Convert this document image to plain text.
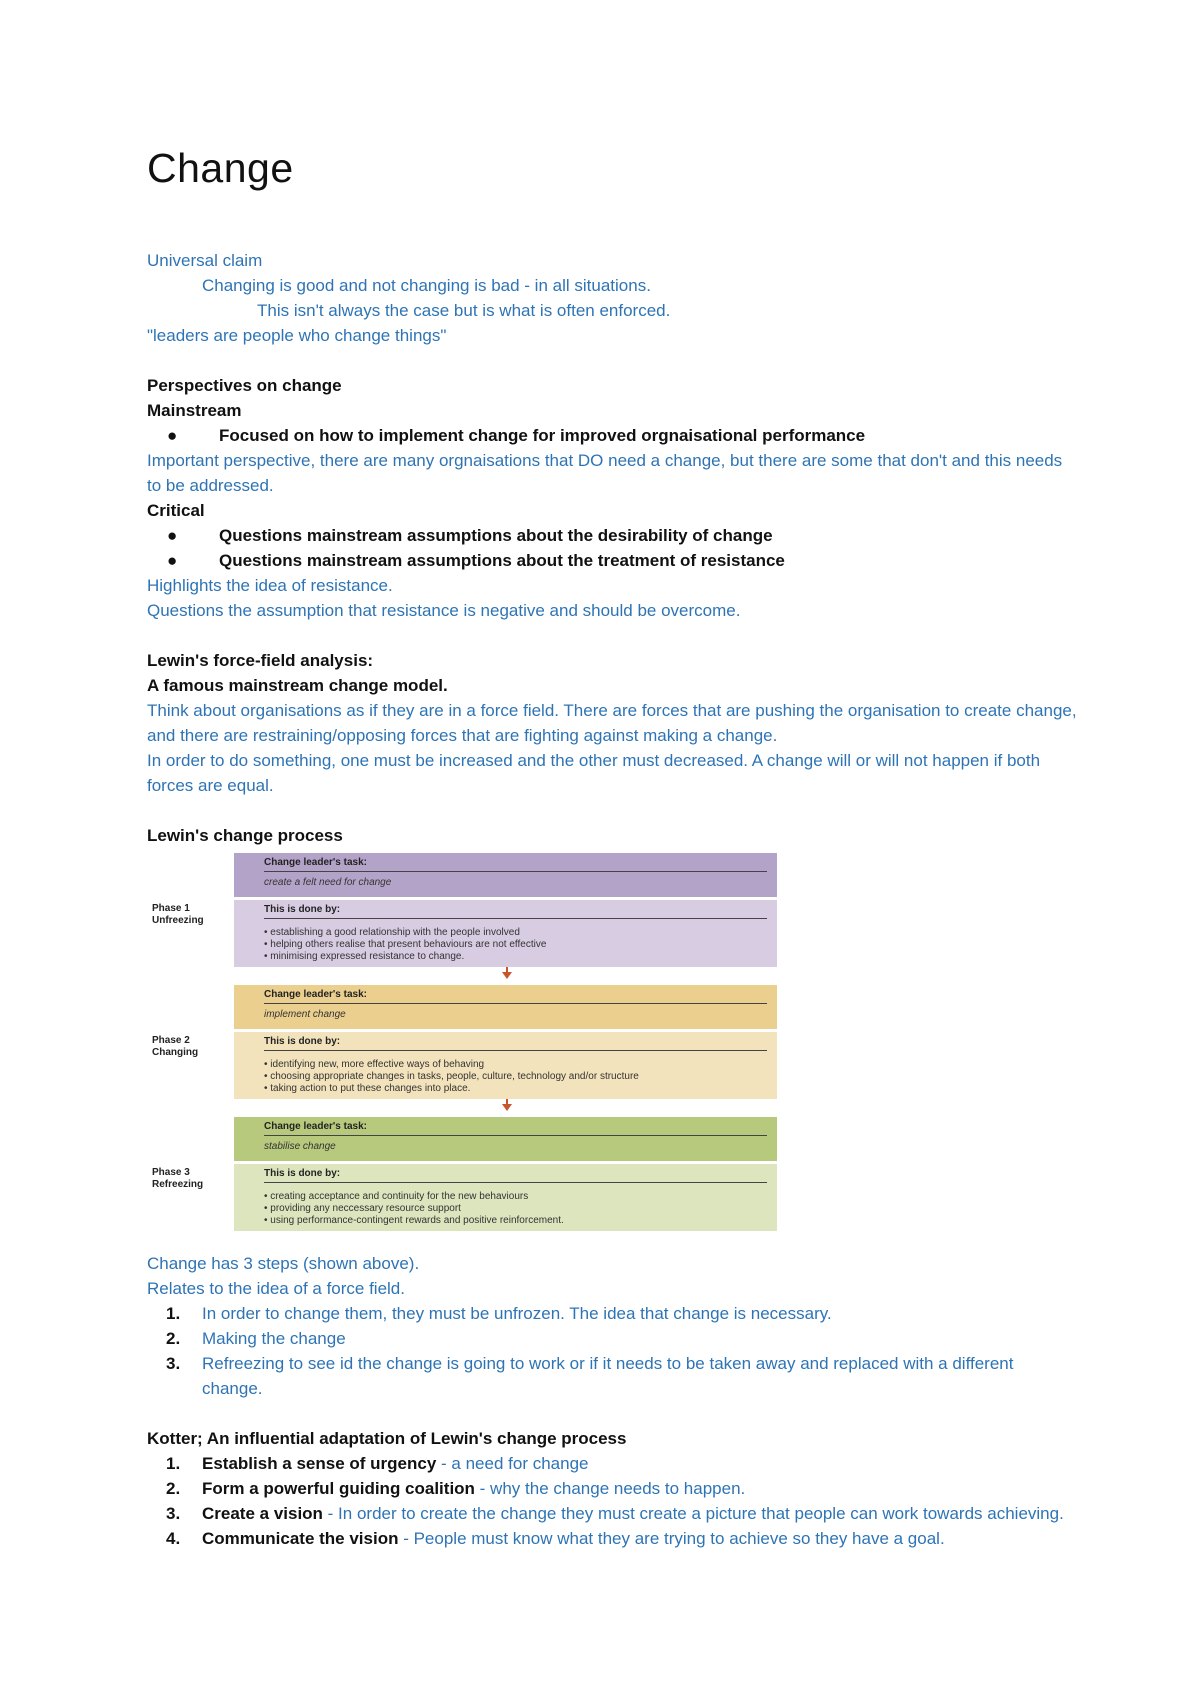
Change

Universal claim

Changing is good and not changing is bad - in all situations.

This isn't always the case but is what is often enforced.

"leaders are people who change things"

Perspectives on change

Mainstream

● Focused on how to implement change for improved orgnaisational performance

Important perspective, there are many orgnaisations that DO need a change, but there are some that don't and this needs to be addressed.

Critical

● Questions mainstream assumptions about the desirability of change
● Questions mainstream assumptions about the treatment of resistance

Highlights the idea of resistance.

Questions the assumption that resistance is negative and should be overcome.

Lewin's force-field analysis:

A famous mainstream change model.

Think about organisations as if they are in a force field. There are forces that are pushing the organisation to create change, and there are restraining/opposing forces that are fighting against making a change.

In order to do something, one must be increased and the other must decreased. A change will or will not happen if both forces are equal.

Lewin's change process

Phase 1
Unfreezing
Change leader's task:
create a felt need for change
This is done by:
• establishing a good relationship with the people involved
• helping others realise that present behaviours are not effective
• minimising expressed resistance to change.
Phase 2
Changing
Change leader's task:
implement change
This is done by:
• identifying new, more effective ways of behaving
• choosing appropriate changes in tasks, people, culture, technology and/or structure
• taking action to put these changes into place.
Phase 3
Refreezing
Change leader's task:
stabilise change
This is done by:
• creating acceptance and continuity for the new behaviours
• providing any neccessary resource support
• using performance-contingent rewards and positive reinforcement.

Change has 3 steps (shown above).

Relates to the idea of a force field.

1. In order to change them, they must be unfrozen. The idea that change is necessary.
2. Making the change
3. Refreezing to see id the change is going to work or if it needs to be taken away and replaced with a different change.

Kotter; An influential adaptation of Lewin's change process

1. Establish a sense of urgency - a need for change
2. Form a powerful guiding coalition - why the change needs to happen.
3. Create a vision - In order to create the change they must create a picture that people can work towards achieving.
4. Communicate the vision - People must know what they are trying to achieve so they have a goal.
